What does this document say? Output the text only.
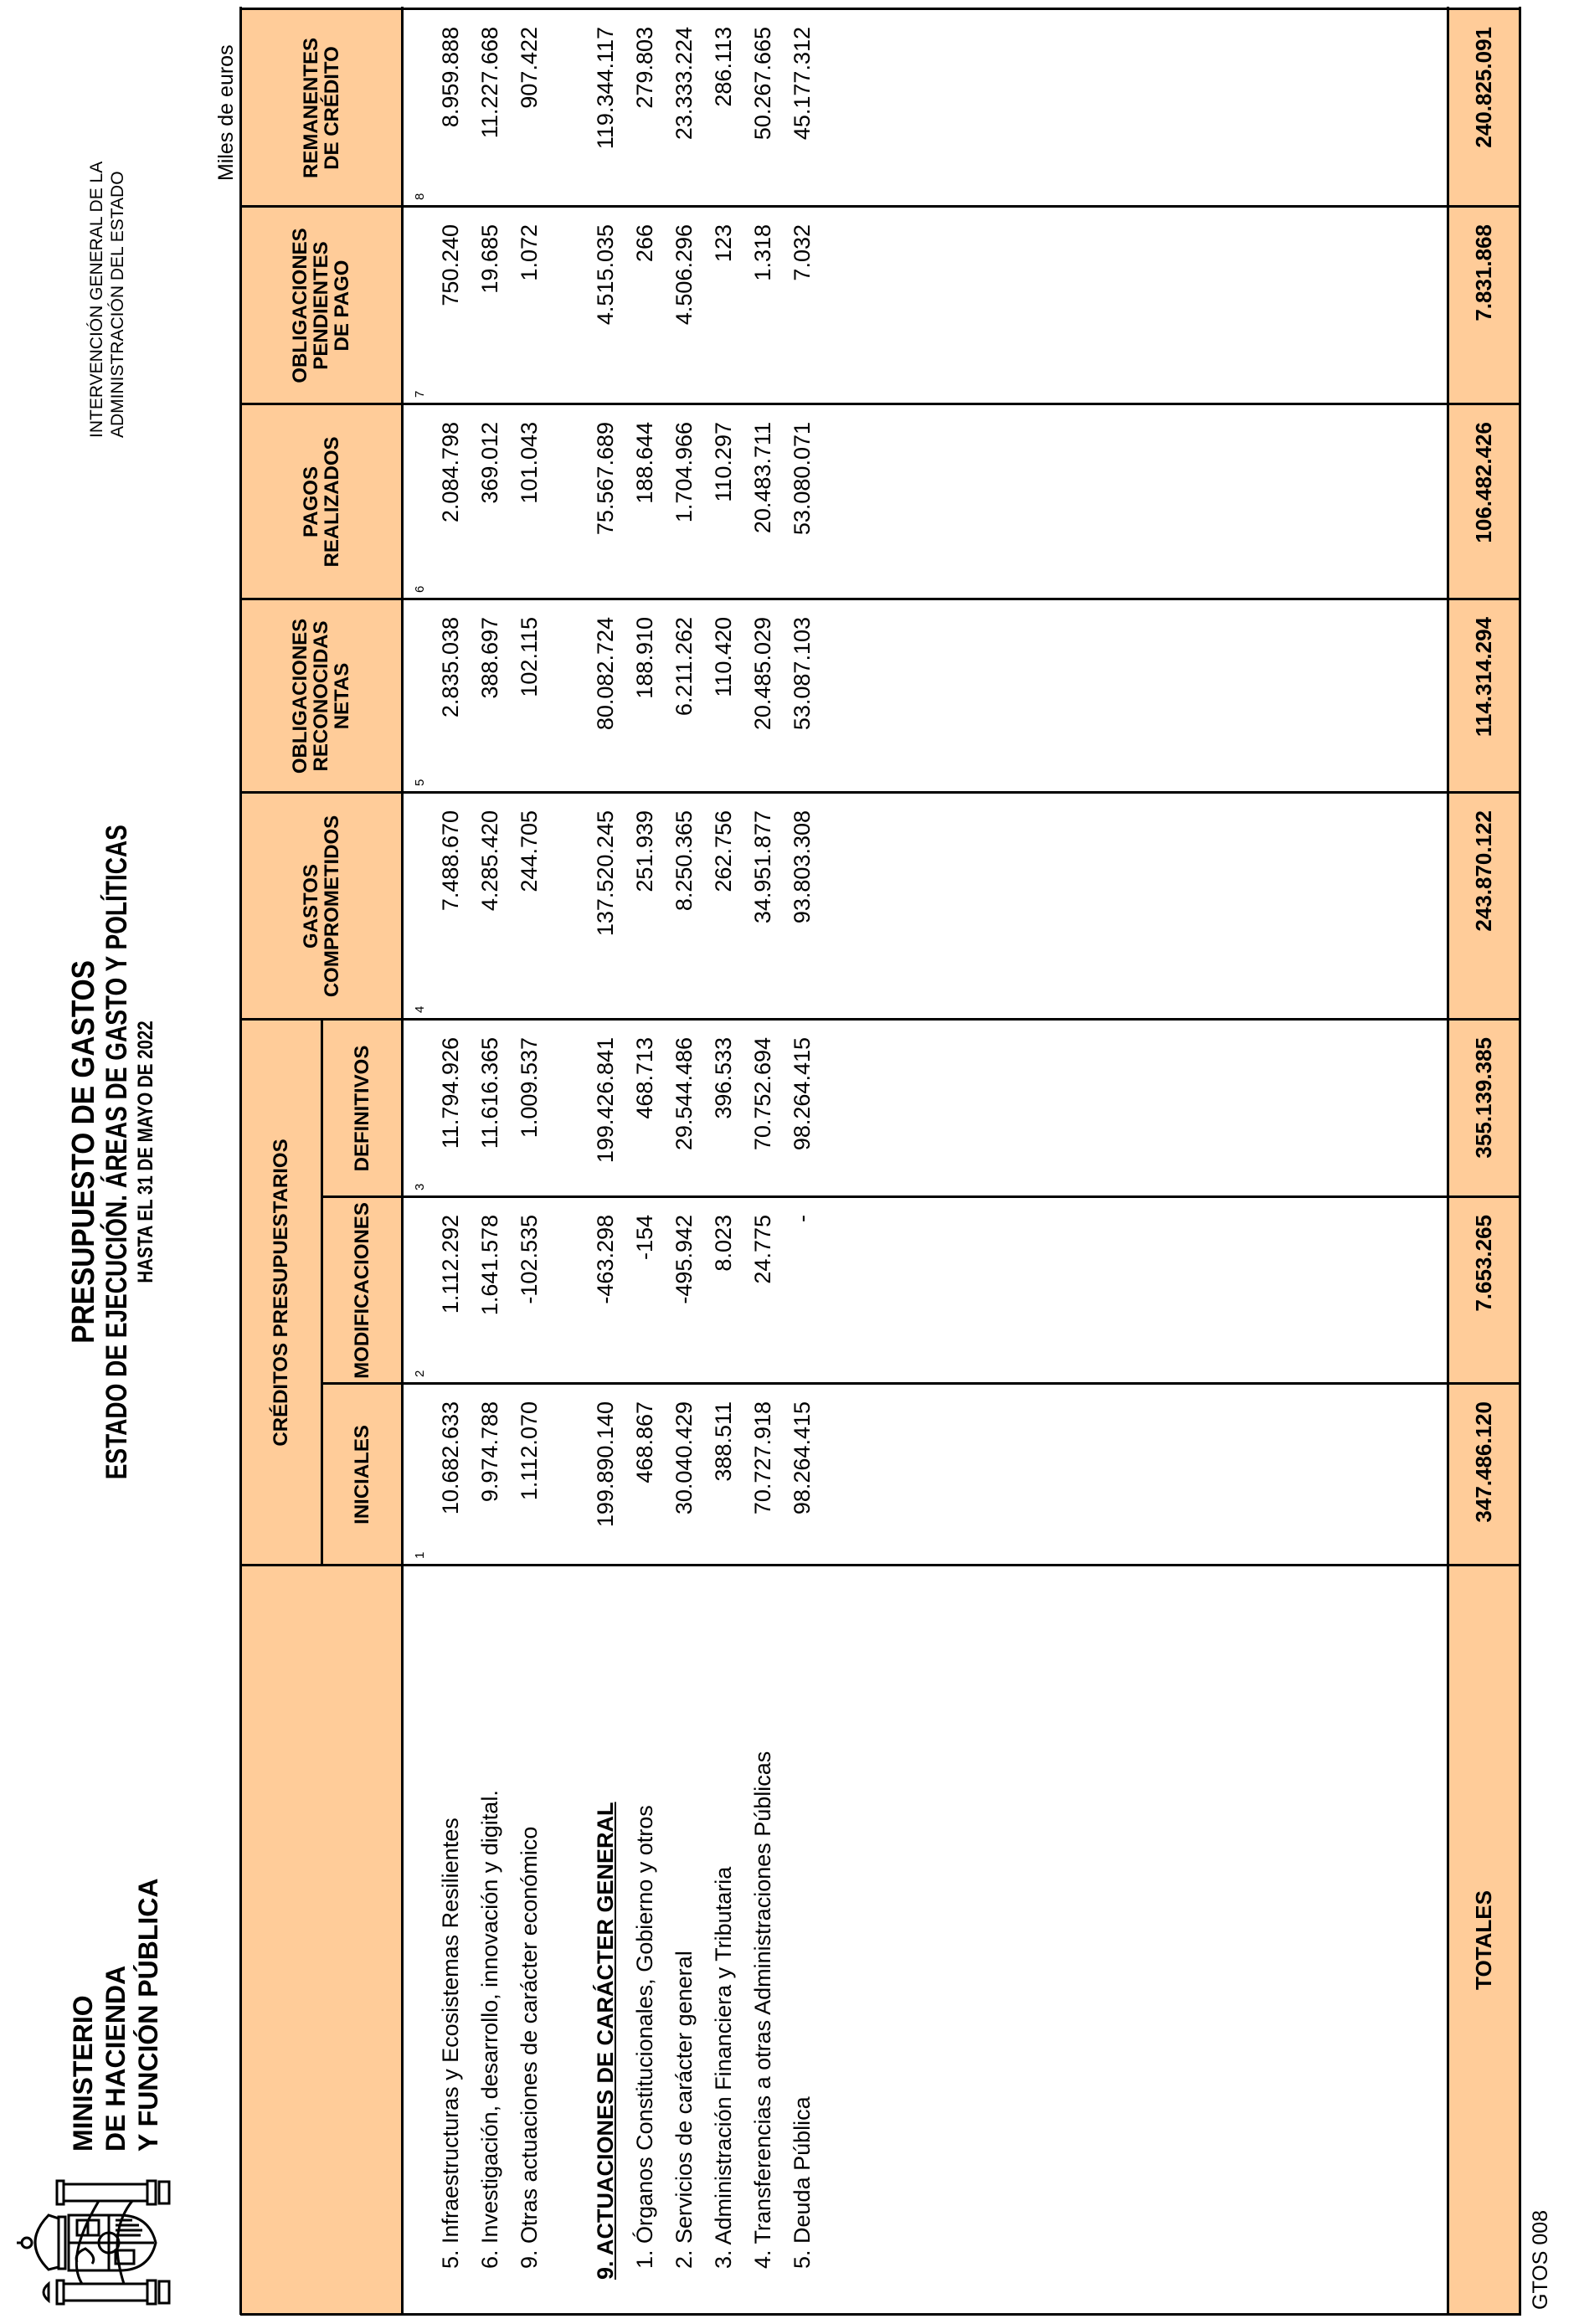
MINISTERIO DE HACIENDA Y FUNCIÓN PÚBLICA
PRESUPUESTO DE GASTOS ESTADO DE EJECUCIÓN. ÁREAS DE GASTO Y POLÍTICAS HASTA EL 31 DE MAYO DE 2022
INTERVENCIÓN GENERAL DE LA ADMINISTRACIÓN DEL ESTADO
Miles de euros
CRÉDITOS PRESUPUESTARIOS
INICIALES
1
MODIFICACIONES	2
DEFINITIVOS
3
GASTOS
COMPROMETIDOS
4
OBLIGACIONES
RECONOCIDAS
NETAS
5
PAGOS
REALIZADOS
6
OBLIGACIONES
PENDIENTES
DE PAGO
7
REMANENTES
DE CRÉDITO
8
5. Infraestructuras y Ecosistemas Resilientes
10.682.633
1.112.292
11.794.926
7.488.670
2.835.038
2.084.798
750.240
8.959.888
6. Investigación, desarrollo, innovación y digital.
9.974.788
1.641.578
11.616.365
4.285.420
388.697
369.012
19.685
11.227.668
9. Otras actuaciones de carácter económico
1.112.070
-102.535
1.009.537
244.705
102.115
101.043
1.072
907.422
9. ACTUACIONES DE CARÁCTER GENERAL
199.890.140
-463.298
199.426.841
137.520.245
80.082.724
75.567.689
4.515.035
119.344.117
1. Órganos Constitucionales, Gobierno y otros
468.867
-154
468.713
251.939
188.910
188.644
266
279.803
2. Servicios de carácter general
30.040.429
-495.942
29.544.486
8.250.365
6.211.262
1.704.966
4.506.296
23.333.224
3. Administración Financiera y Tributaria
388.511
8.023
396.533
262.756
110.420
110.297
123
286.113
4. Transferencias a otras Administraciones Públicas
70.727.918
24.775
70.752.694
34.951.877
20.485.029
20.483.711
1.318
50.267.665
5. Deuda Pública
98.264.415
-
98.264.415
93.803.308
53.087.103
53.080.071
7.032
45.177.312
TOTALES
347.486.120
7.653.265
355.139.385
243.870.122
114.314.294
106.482.426
7.831.868
240.825.091
GTOS 008
